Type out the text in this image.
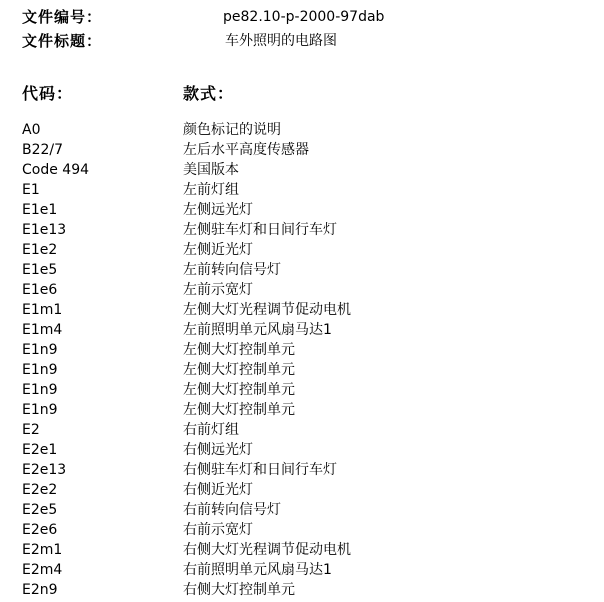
文件编号：	pe82.10-p-2000-97dab
文件标题：	车外照明的电路图
代码：	款式：
A0	颜色标记的说明
B22/7	左后水平高度传感器
Code 494	美国版本
E1	左前灯组
E1e1	左侧远光灯
E1e13	左侧驻车灯和日间行车灯
E1e2	左侧近光灯
E1e5	左前转向信号灯
E1e6	左前示宽灯
E1m1	左侧大灯光程调节促动电机
E1m4	左前照明单元风扇马达1
E1n9	左侧大灯控制单元
E1n9	左侧大灯控制单元
E1n9	左侧大灯控制单元
E1n9	左侧大灯控制单元
E2	右前灯组
E2e1	右侧远光灯
E2e13	右侧驻车灯和日间行车灯
E2e2	右侧近光灯
E2e5	右前转向信号灯
E2e6	右前示宽灯
E2m1	右侧大灯光程调节促动电机
E2m4	右前照明单元风扇马达1
E2n9	右侧大灯控制单元
